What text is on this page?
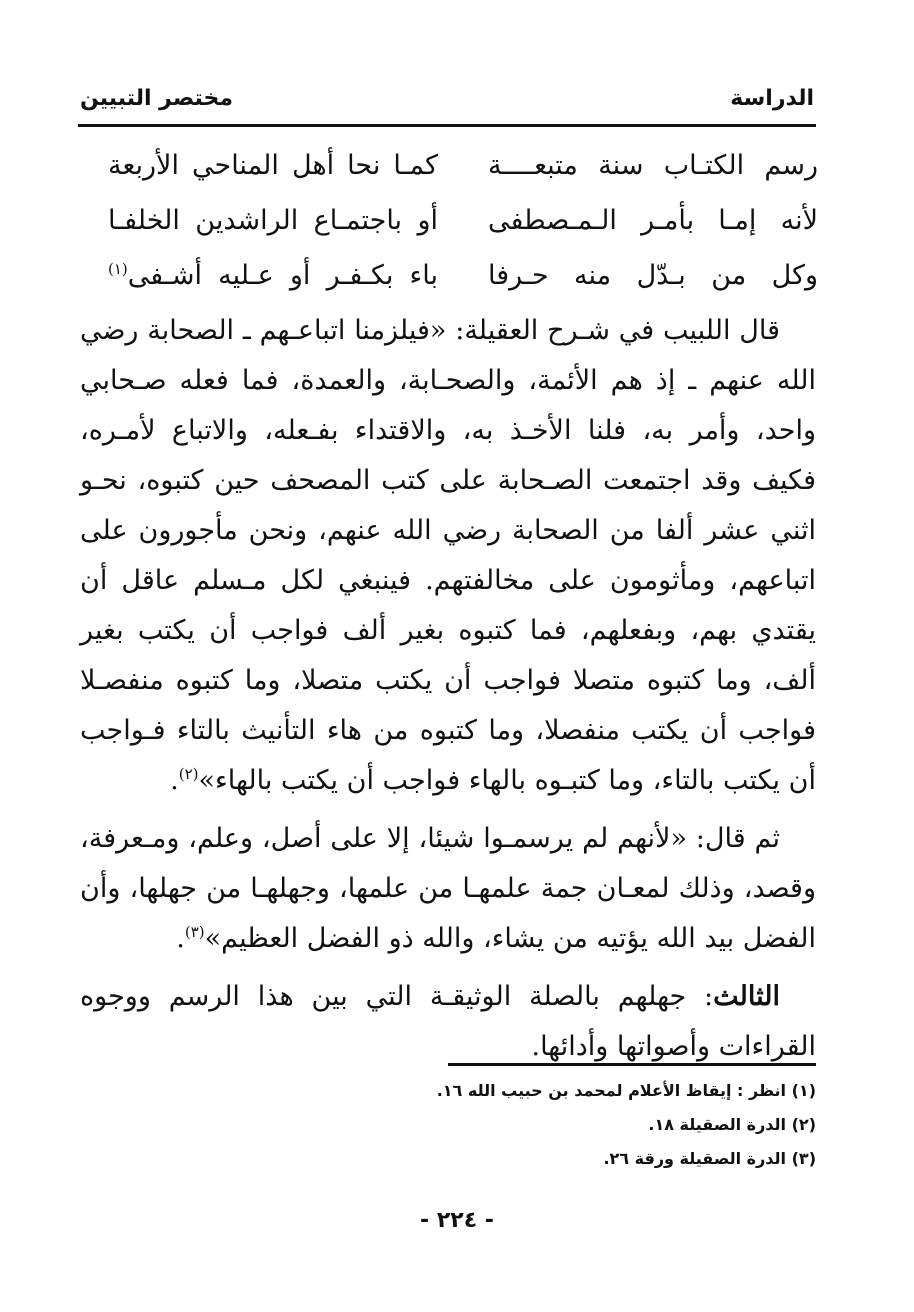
الدراسة
مختصر التبيين
رسم الكتـاب سنة متبعــــة
كمـا نحا أهل المناحي الأربعة
لأنه إمـا بأمـر الـمـصطفى
أو باجتمـاع الراشدين الخلفـا
وكل من بـدّل منه حـرفا
باء بكـفـر أو عـليه أشـفى$^{(١)}$

قال اللبيب في شـرح العقيلة: «فيلزمنا اتباعـهم ـ الصحابة رضي الله عنهم ـ إذ هم الأئمة، والصحـابة، والعمدة، فما فعله صـحابي واحد، وأمر به، فلنا الأخـذ به، والاقتداء بفـعله، والاتباع لأمـره، فكيف وقد اجتمعت الصـحابة على كتب المصحف حين كتبوه، نحـو اثني عشر ألفا من الصحابة رضي الله عنهم، ونحن مأجورون على اتباعهم، ومأثومون على مخالفتهم. فينبغي لكل مـسلم عاقل أن يقتدي بهم، وبفعلهم، فما كتبوه بغير ألف فواجب أن يكتب بغير ألف، وما كتبوه متصلا فواجب أن يكتب متصلا، وما كتبوه منفصـلا فواجب أن يكتب منفصلا، وما كتبوه من هاء التأنيث بالتاء فـواجب أن يكتب بالتاء، وما كتبـوه بالهاء فواجب أن يكتب بالهاء»$^{(٢)}$.

ثم قال: «لأنهم لم يرسمـوا شيئا، إلا على أصل، وعلم، ومـعرفة، وقصد، وذلك لمعـان جمة علمهـا من علمها، وجهلهـا من جهلها، وأن الفضل بيد الله يؤتيه من يشاء، والله ذو الفضل العظيم»$^{(٣)}$.

الثالث: جهلهم بالصلة الوثيقـة التي بين هذا الرسم ووجوه القراءات وأصواتها وأدائها.

(١) انظر : إيقاظ الأعلام لمحمد بن حبيب الله ١٦.
(٢) الدرة الصقيلة ١٨.
(٣) الدرة الصقيلة ورقة ٢٦.
- ٢٢٤ -
